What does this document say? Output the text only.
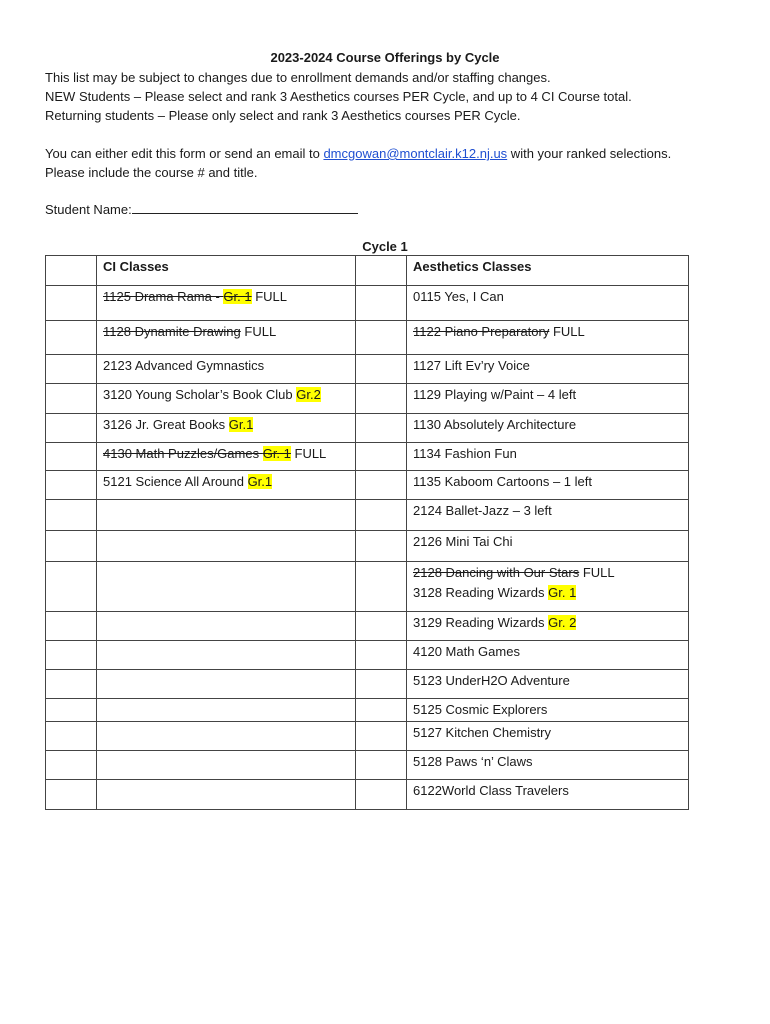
2023-2024 Course Offerings by Cycle

This list may be subject to changes due to enrollment demands and/or staffing changes.

NEW Students – Please select and rank 3 Aesthetics courses PER Cycle, and up to 4 CI Course total.

Returning students – Please only select and rank 3 Aesthetics courses PER Cycle.

You can either edit this form or send an email to dmcgowan@montclair.k12.nj.us with your ranked selections.

Please include the course # and title.

Student Name:
Cycle 1

	CI Classes		Aesthetics Classes

	1125 Drama Rama - Gr. 1 FULL		0115 Yes, I Can

	1128 Dynamite Drawing FULL		1122 Piano Preparatory FULL

	2123 Advanced Gymnastics		1127 Lift Ev’ry Voice

	3120 Young Scholar’s Book Club Gr.2		1129 Playing w/Paint – 4 left

	3126 Jr. Great Books Gr.1		1130 Absolutely Architecture

	4130 Math Puzzles/Games Gr. 1 FULL		1134 Fashion Fun

	5121 Science All Around Gr.1		1135 Kaboom Cartoons – 1 left

			2124 Ballet-Jazz – 3 left

			2126 Mini Tai Chi

			2128 Dancing with Our Stars FULL
3128 Reading Wizards Gr. 1

			3129 Reading Wizards Gr. 2

			4120 Math Games

			5123 UnderH2O Adventure

			5125 Cosmic Explorers

			5127 Kitchen Chemistry

			5128 Paws ‘n’ Claws

			6122World Class Travelers
